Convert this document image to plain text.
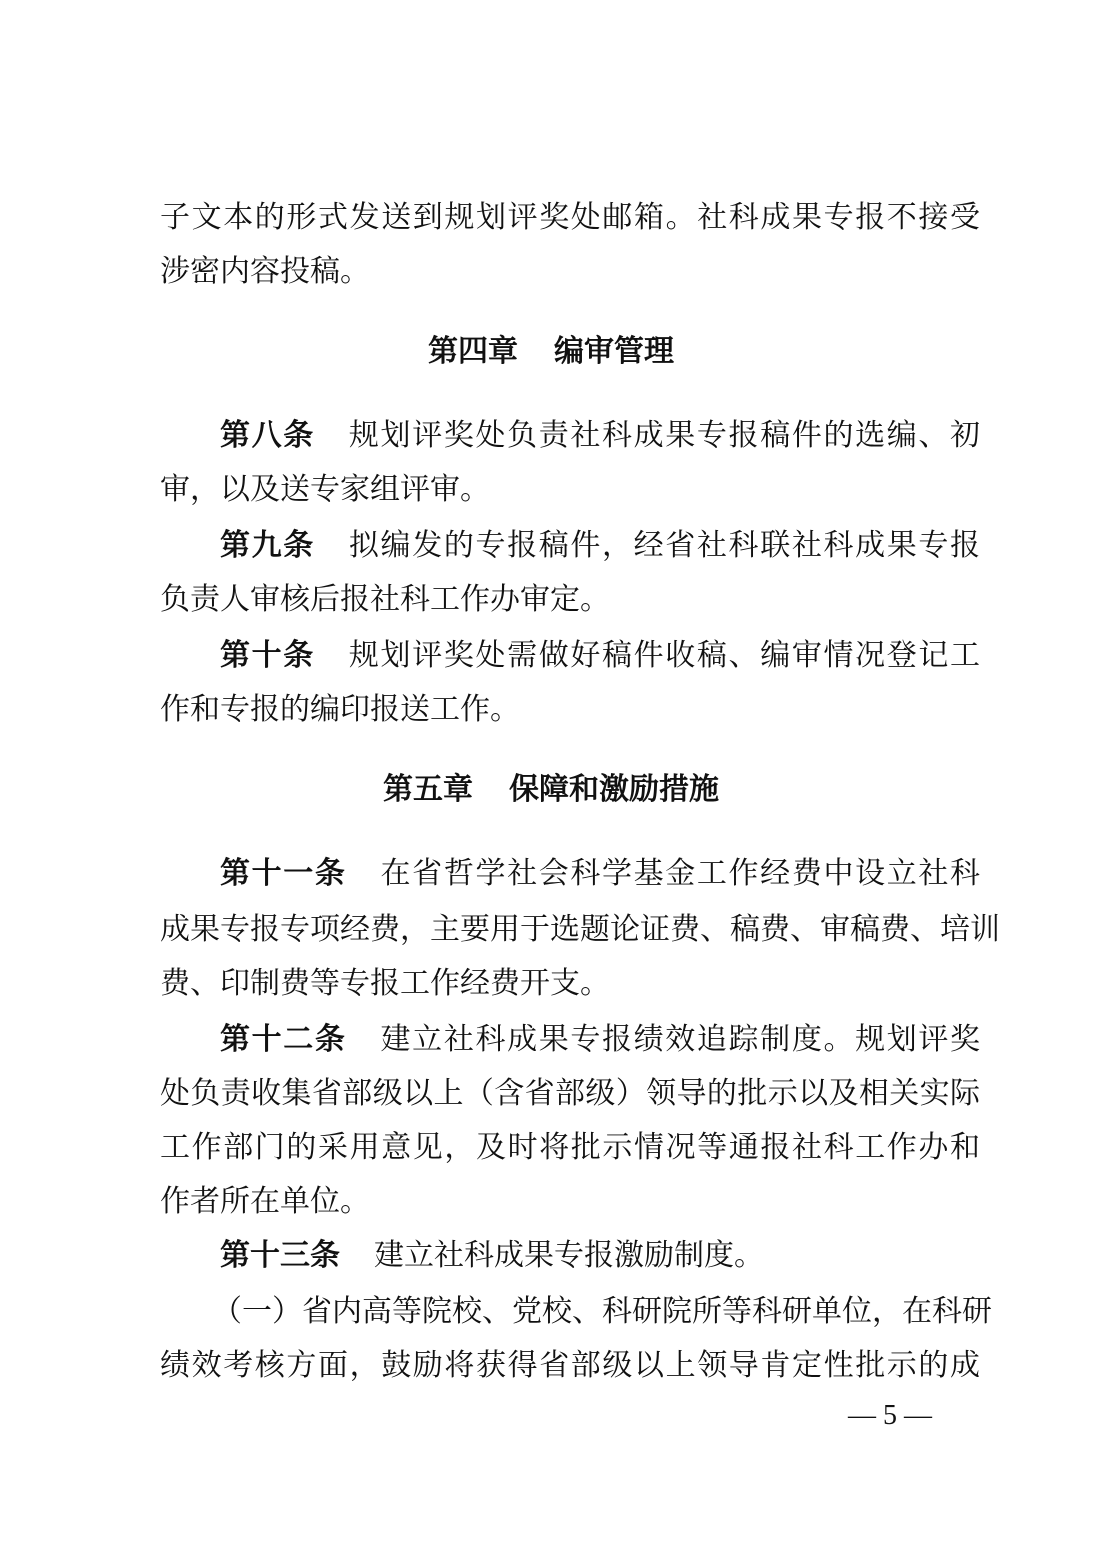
子文本的形式发送到规划评奖处邮箱。社科成果专报不接受
涉密内容投稿。
第四章 编审管理
第八条 规划评奖处负责社科成果专报稿件的选编、初
审，以及送专家组评审。
第九条 拟编发的专报稿件，经省社科联社科成果专报
负责人审核后报社科工作办审定。
第十条 规划评奖处需做好稿件收稿、编审情况登记工
作和专报的编印报送工作。
第五章 保障和激励措施
第十一条 在省哲学社会科学基金工作经费中设立社科
成果专报专项经费，主要用于选题论证费、稿费、审稿费、培训
费、印制费等专报工作经费开支。
第十二条 建立社科成果专报绩效追踪制度。规划评奖
处负责收集省部级以上（含省部级）领导的批示以及相关实际
工作部门的采用意见，及时将批示情况等通报社科工作办和
作者所在单位。
第十三条 建立社科成果专报激励制度。
（一）省内高等院校、党校、科研院所等科研单位，在科研
绩效考核方面，鼓励将获得省部级以上领导肯定性批示的成
— 5 —
